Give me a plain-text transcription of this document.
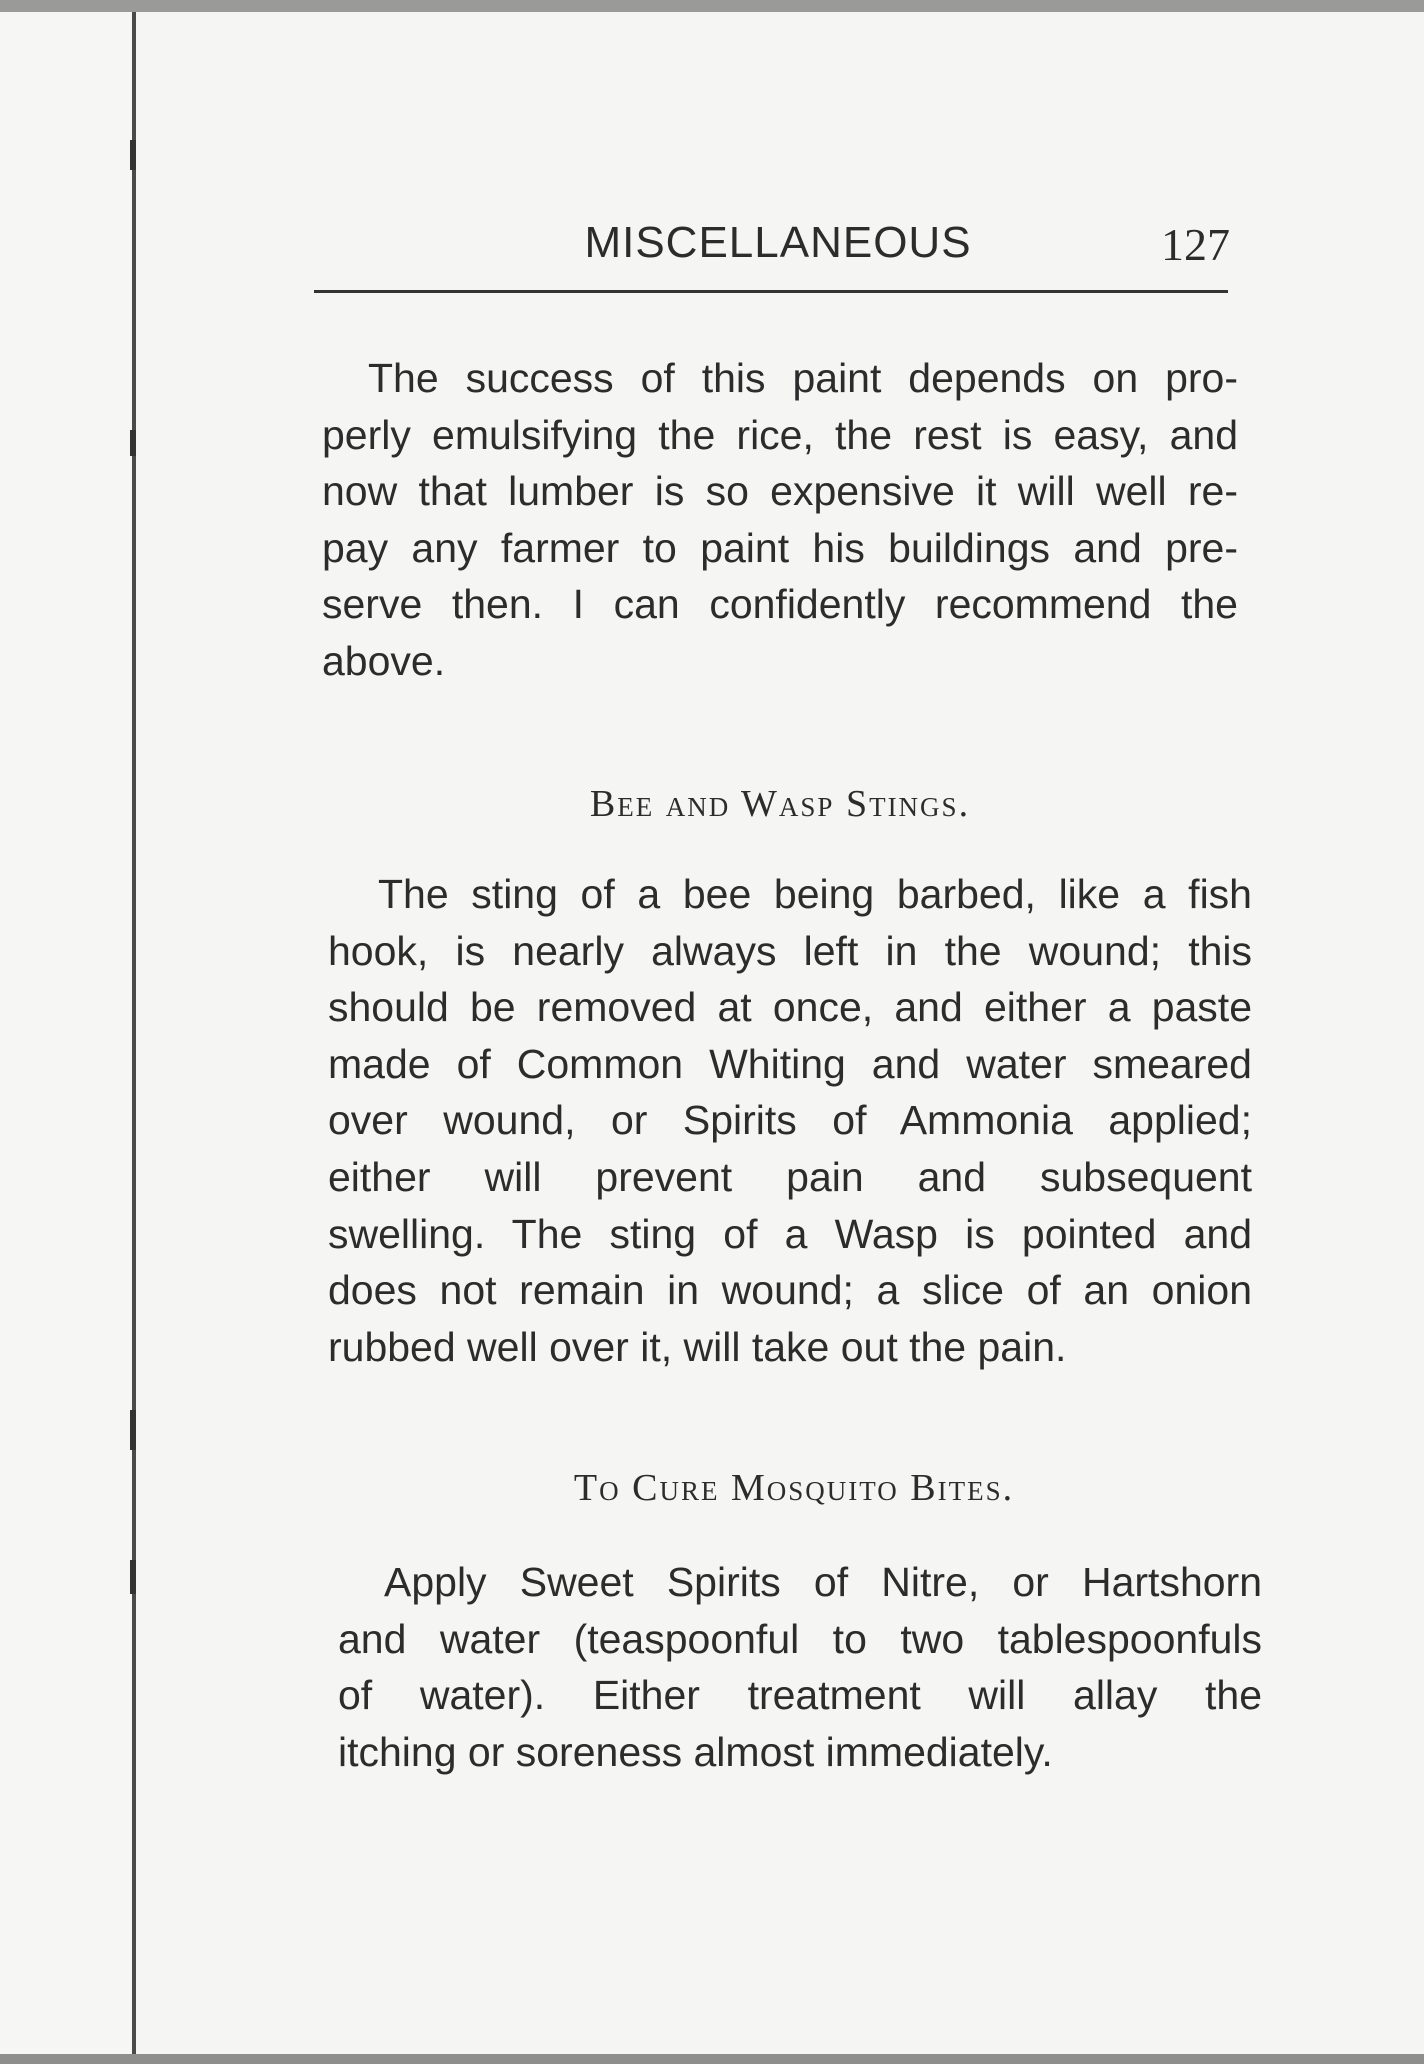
MISCELLANEOUS	127
The success of this paint depends on pro-
perly emulsifying the rice, the rest is easy, and
now that lumber is so expensive it will well re-
pay any farmer to paint his buildings and pre-
serve then. I can confidently recommend the
above.
Bee and Wasp Stings.
The sting of a bee being barbed, like a fish
hook, is nearly always left in the wound; this
should be removed at once, and either a paste
made of Common Whiting and water smeared
over wound, or Spirits of Ammonia applied;
either will prevent pain and subsequent
swelling. The sting of a Wasp is pointed and
does not remain in wound; a slice of an onion
rubbed well over it, will take out the pain.
To Cure Mosquito Bites.
Apply Sweet Spirits of Nitre, or Hartshorn
and water (teaspoonful to two tablespoonfuls
of water). Either treatment will allay the
itching or soreness almost immediately.
